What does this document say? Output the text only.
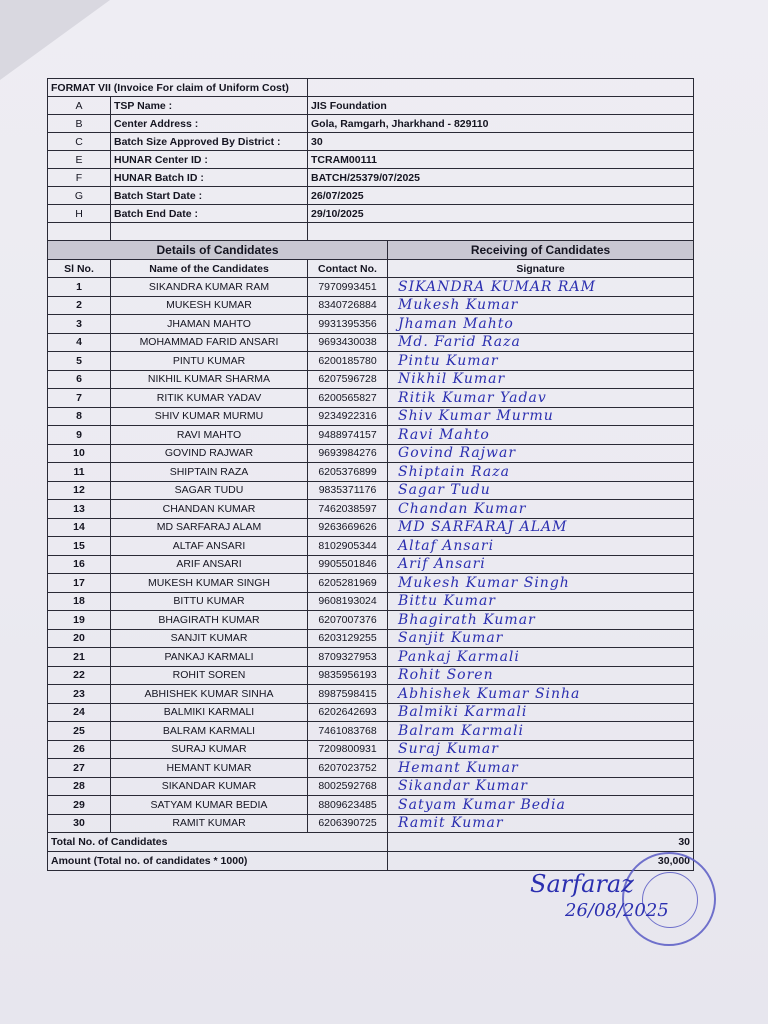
FORMAT VII (Invoice For claim of Uniform Cost)		
A	TSP Name :	JIS Foundation
B	Center Address :	Gola, Ramgarh, Jharkhand - 829110
C	Batch Size Approved By District :	30
E	HUNAR Center ID :	TCRAM00111
F	HUNAR Batch ID :	BATCH/25379/07/2025
G	Batch Start Date :	26/07/2025
H	Batch End Date :	29/10/2025

Details of Candidates			Receiving of Candidates
Sl No.	Name of the Candidates	Contact No.	Signature
1	SIKANDRA KUMAR RAM	7970993451	SIKANDRA KUMAR RAM
2	MUKESH KUMAR	8340726884	Mukesh Kumar
3	JHAMAN MAHTO	9931395356	Jhaman Mahto
4	MOHAMMAD FARID ANSARI	9693430038	Md. Farid Raza
5	PINTU KUMAR	6200185780	Pintu Kumar
6	NIKHIL KUMAR SHARMA	6207596728	Nikhil Kumar
7	RITIK KUMAR YADAV	6200565827	Ritik Kumar Yadav
8	SHIV KUMAR MURMU	9234922316	Shiv Kumar Murmu
9	RAVI MAHTO	9488974157	Ravi Mahto
10	GOVIND RAJWAR	9693984276	Govind Rajwar
11	SHIPTAIN RAZA	6205376899	Shiptain Raza
12	SAGAR TUDU	9835371176	Sagar Tudu
13	CHANDAN KUMAR	7462038597	Chandan Kumar
14	MD SARFARAJ ALAM	9263669626	MD SARFARAJ ALAM
15	ALTAF ANSARI	8102905344	Altaf Ansari
16	ARIF ANSARI	9905501846	Arif Ansari
17	MUKESH KUMAR SINGH	6205281969	Mukesh Kumar Singh
18	BITTU KUMAR	9608193024	Bittu Kumar
19	BHAGIRATH KUMAR	6207007376	Bhagirath Kumar
20	SANJIT KUMAR	6203129255	Sanjit Kumar
21	PANKAJ KARMALI	8709327953	Pankaj Karmali
22	ROHIT SOREN	9835956193	Rohit Soren
23	ABHISHEK KUMAR SINHA	8987598415	Abhishek Kumar Sinha
24	BALMIKI KARMALI	6202642693	Balmiki Karmali
25	BALRAM KARMALI	7461083768	Balram Karmali
26	SURAJ KUMAR	7209800931	Suraj Kumar
27	HEMANT KUMAR	6207023752	Hemant Kumar
28	SIKANDAR KUMAR	8002592768	Sikandar Kumar
29	SATYAM KUMAR BEDIA	8809623485	Satyam Kumar Bedia
30	RAMIT KUMAR	6206390725	Ramit Kumar
Total No. of Candidates			30
Amount (Total no. of candidates * 1000)			30,000
Sarfaraz
26/08/2025
